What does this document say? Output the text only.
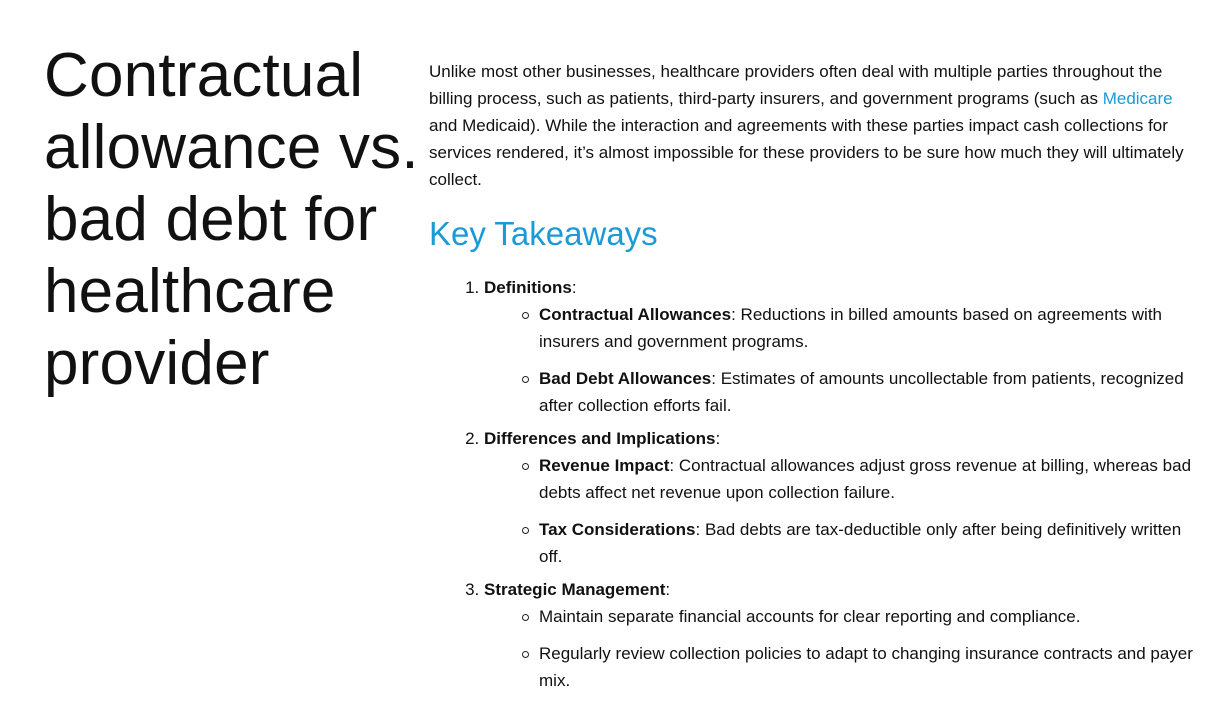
Contractual allowance vs. bad debt for healthcare provider

Unlike most other businesses, healthcare providers often deal with multiple parties throughout the billing process, such as patients, third-party insurers, and government programs (such as Medicare and Medicaid). While the interaction and agreements with these parties impact cash collections for services rendered, it’s almost impossible for these providers to be sure how much they will ultimately collect.

Key Takeaways
1. Definitions:
Contractual Allowances: Reductions in billed amounts based on agreements with insurers and government programs.
Bad Debt Allowances: Estimates of amounts uncollectable from patients, recognized after collection efforts fail.
2. Differences and Implications:
Revenue Impact: Contractual allowances adjust gross revenue at billing, whereas bad debts affect net revenue upon collection failure.
Tax Considerations: Bad debts are tax-deductible only after being definitively written off.
3. Strategic Management:
Maintain separate financial accounts for clear reporting and compliance.
Regularly review collection policies to adapt to changing insurance contracts and payer mix.
